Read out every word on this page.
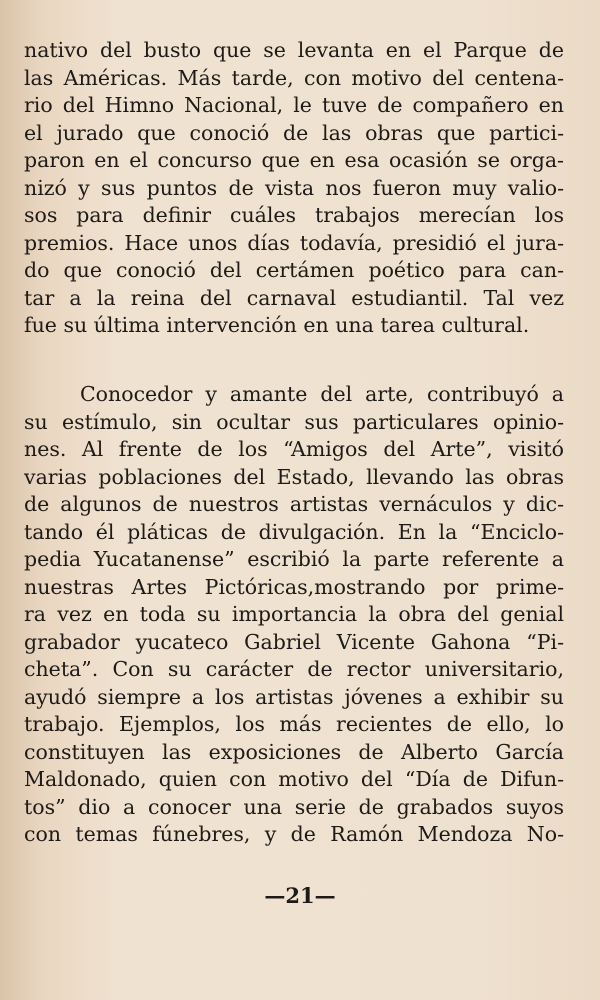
nativo del busto que se levanta en el Parque de
las Américas. Más tarde, con motivo del centena-
rio del Himno Nacional, le tuve de compañero en
el jurado que conoció de las obras que partici-
paron en el concurso que en esa ocasión se orga-
nizó y sus puntos de vista nos fueron muy valio-
sos para definir cuáles trabajos merecían los
premios. Hace unos días todavía, presidió el jura-
do que conoció del certámen poético para can-
tar a la reina del carnaval estudiantil. Tal vez
fue su última intervención en una tarea cultural.
Conocedor y amante del arte, contribuyó a
su estímulo, sin ocultar sus particulares opinio-
nes. Al frente de los “Amigos del Arte”, visitó
varias poblaciones del Estado, llevando las obras
de algunos de nuestros artistas vernáculos y dic-
tando él pláticas de divulgación. En la “Enciclo-
pedia Yucatanense” escribió la parte referente a
nuestras Artes Pictóricas,mostrando por prime-
ra vez en toda su importancia la obra del genial
grabador yucateco Gabriel Vicente Gahona “Pi-
cheta”. Con su carácter de rector universitario,
ayudó siempre a los artistas jóvenes a exhibir su
trabajo. Ejemplos, los más recientes de ello, lo
constituyen las exposiciones de Alberto García
Maldonado, quien con motivo del “Día de Difun-
tos” dio a conocer una serie de grabados suyos
con temas fúnebres, y de Ramón Mendoza No-
—21—
